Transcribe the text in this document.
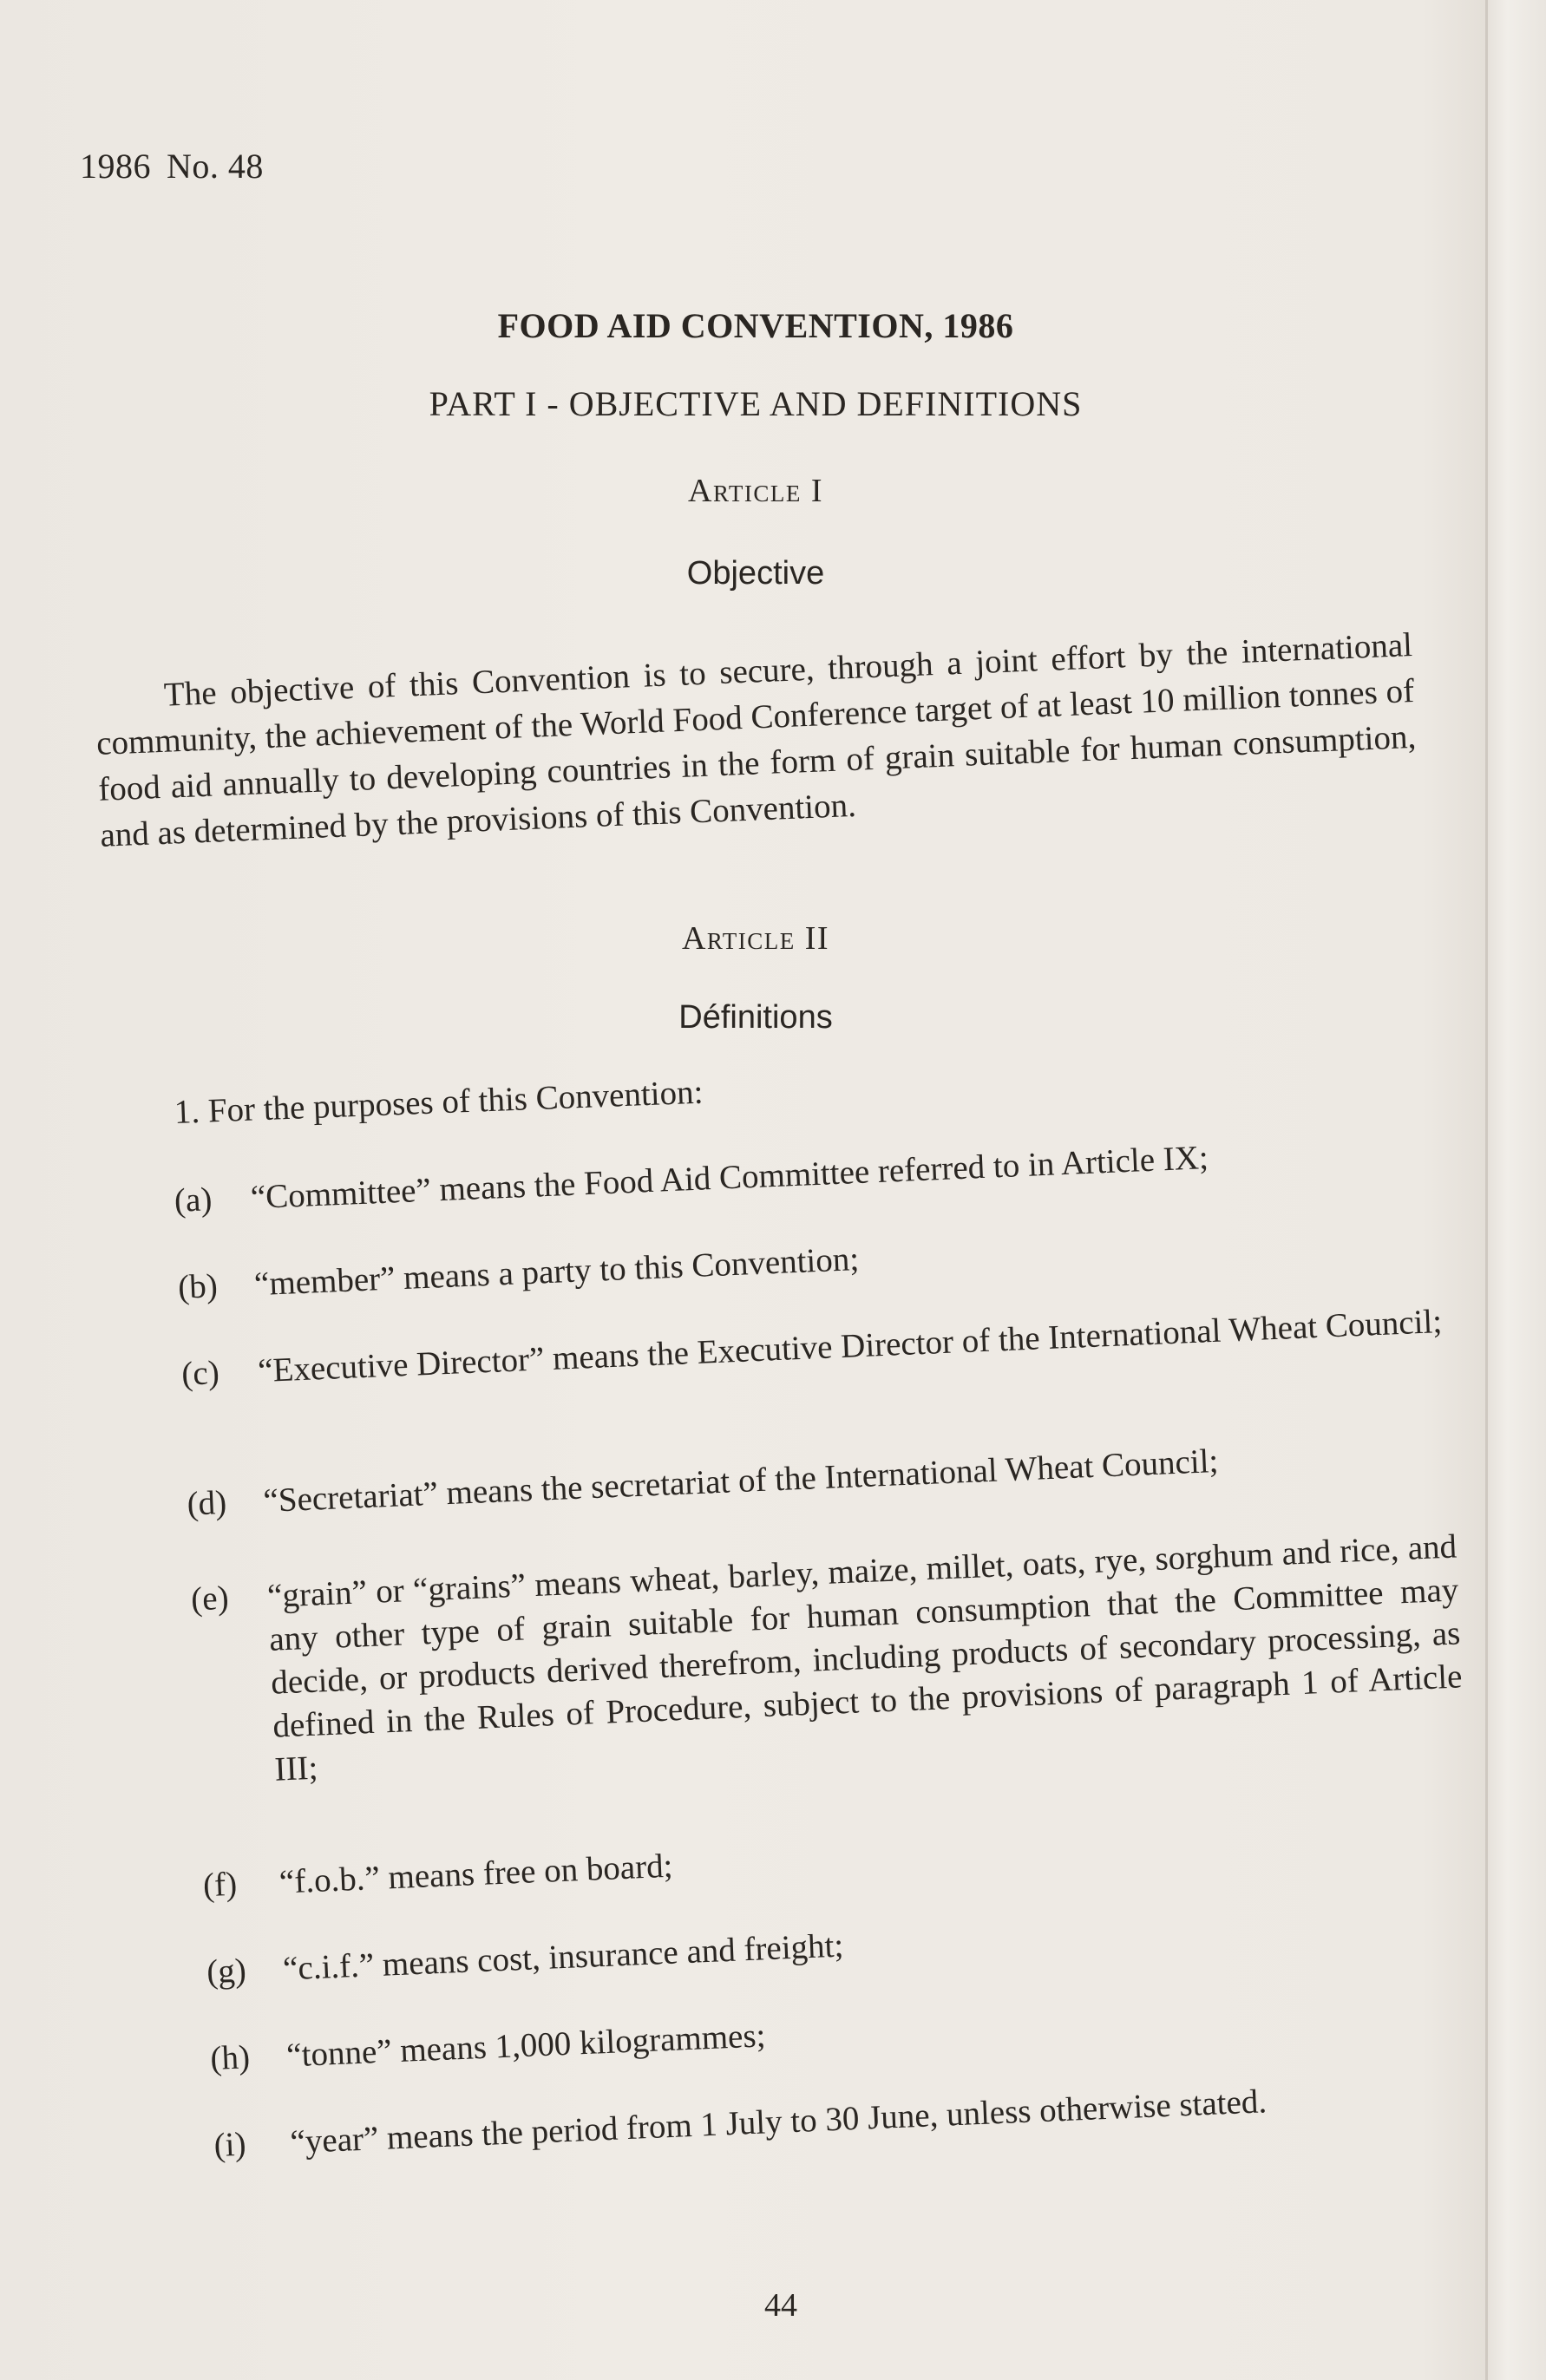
1986 No. 48
FOOD AID CONVENTION, 1986
PART I - OBJECTIVE AND DEFINITIONS
Article I
Objective
The objective of this Convention is to secure, through a joint effort by the international community, the achievement of the World Food Conference target of at least 10 million tonnes of food aid annually to developing countries in the form of grain suitable for human consumption, and as determined by the provisions of this Convention.
Article II
Définitions
1. For the purposes of this Convention:
(a) “Committee” means the Food Aid Committee referred to in Article IX;
(b) “member” means a party to this Convention;
(c) “Executive Director” means the Executive Director of the International Wheat Council;
(d) “Secretariat” means the secretariat of the International Wheat Council;
(e) “grain” or “grains” means wheat, barley, maize, millet, oats, rye, sorghum and rice, and any other type of grain suitable for human consumption that the Committee may decide, or products derived therefrom, including products of secondary processing, as defined in the Rules of Procedure, subject to the provisions of paragraph 1 of Article III;
(f) “f.o.b.” means free on board;
(g) “c.i.f.” means cost, insurance and freight;
(h) “tonne” means 1,000 kilogrammes;
(i) “year” means the period from 1 July to 30 June, unless otherwise stated.
44
